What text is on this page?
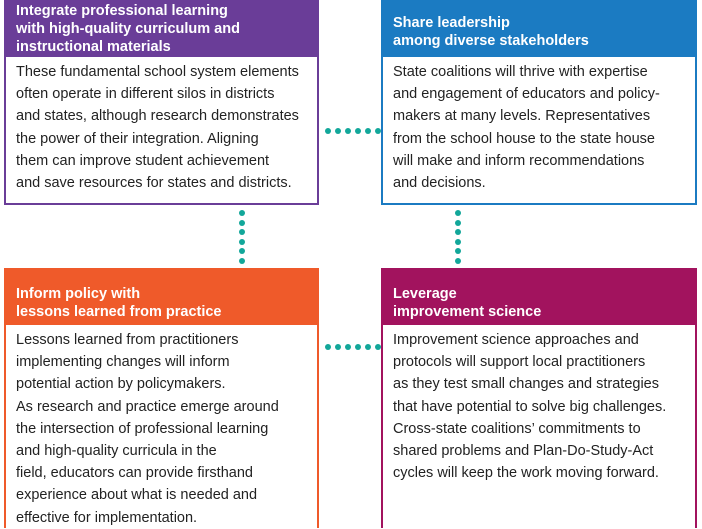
Integrate professional learning
with high-quality curriculum and
instructional materials
These fundamental school system elements
often operate in different silos in districts
and states, although research demonstrates
the power of their integration. Aligning
them can improve student achievement
and save resources for states and districts.
Share leadership
among diverse stakeholders
State coalitions will thrive with expertise
and engagement of educators and policy-
makers at many levels. Representatives
from the school house to the state house
will make and inform recommendations
and decisions.
Inform policy with
lessons learned from practice
Lessons learned from practitioners
implementing changes will inform
potential action by policymakers.
As research and practice emerge around
the intersection of professional learning
and high-quality curricula in the
field, educators can provide firsthand
experience about what is needed and
effective for implementation.
Leverage
improvement science
Improvement science approaches and
protocols will support local practitioners
as they test small changes and strategies
that have potential to solve big challenges.
Cross-state coalitions’ commitments to
shared problems and Plan-Do-Study-Act
cycles will keep the work moving forward.
